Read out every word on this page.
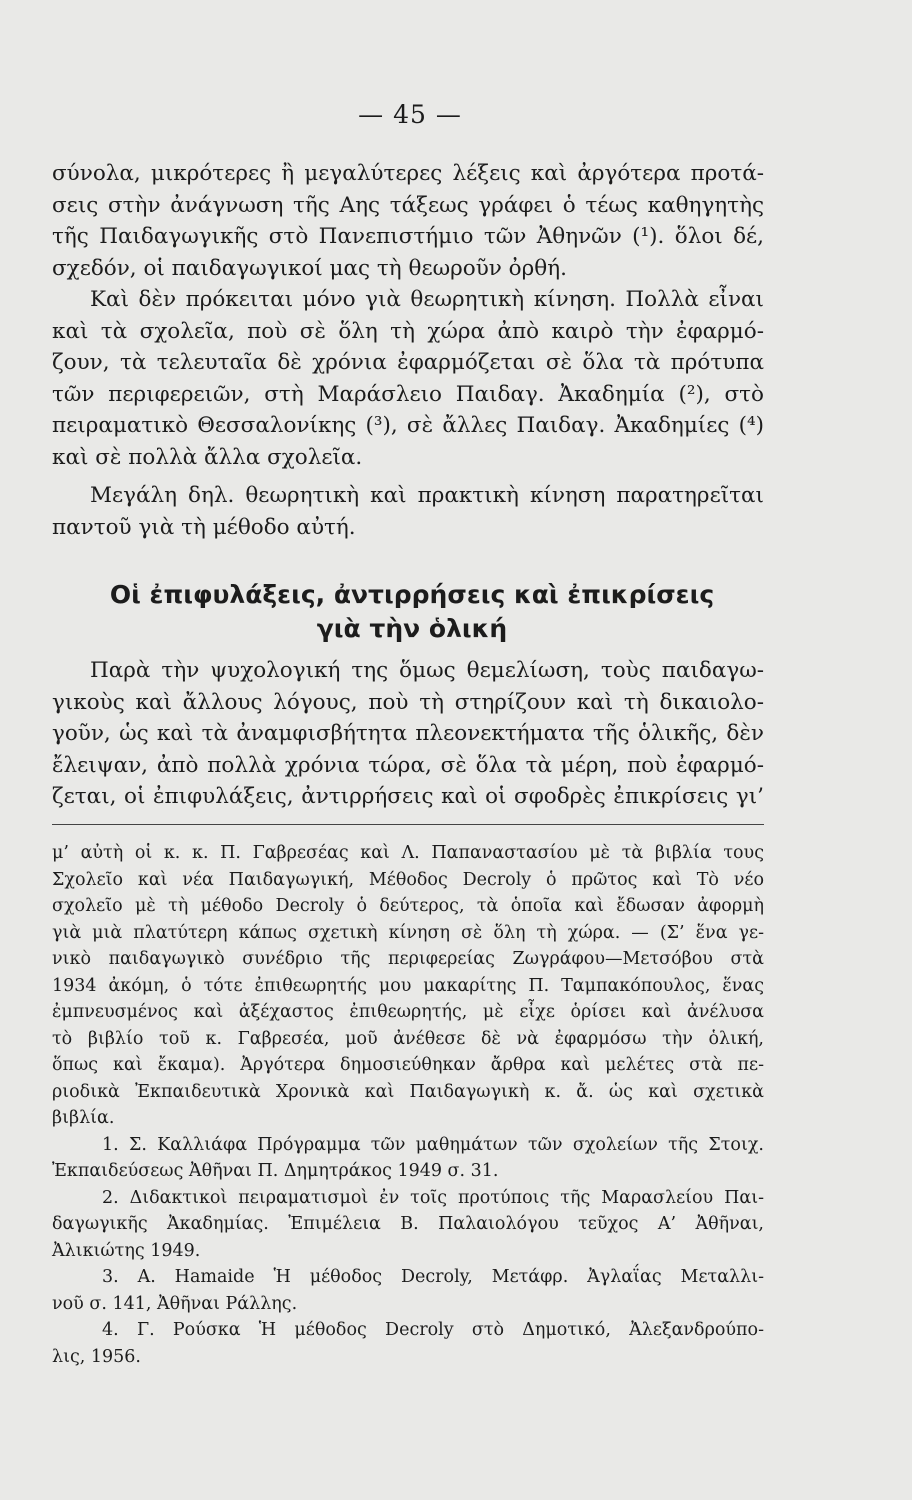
— 45 —
σύνολα, μικρότερες ἢ μεγαλύτερες λέξεις καὶ ἀργότερα προτά-
σεις στὴν ἀνάγνωση τῆς Αης τάξεως γράφει ὁ τέως καθηγητὴς
τῆς Παιδαγωγικῆς στὸ Πανεπιστήμιο τῶν Ἀθηνῶν (¹). ὅλοι δέ,
σχεδόν, οἱ παιδαγωγικοί μας τὴ θεωροῦν ὀρθή.
Καὶ δὲν πρόκειται μόνο γιὰ θεωρητικὴ κίνηση. Πολλὰ εἶναι
καὶ τὰ σχολεῖα, ποὺ σὲ ὅλη τὴ χώρα ἀπὸ καιρὸ τὴν ἐφαρμό-
ζουν, τὰ τελευταῖα δὲ χρόνια ἐφαρμόζεται σὲ ὅλα τὰ πρότυπα
τῶν περιφερειῶν, στὴ Μαράσλειο Παιδαγ. Ἀκαδημία (²), στὸ
πειραματικὸ Θεσσαλονίκης (³), σὲ ἄλλες Παιδαγ. Ἀκαδημίες (⁴)
καὶ σὲ πολλὰ ἄλλα σχολεῖα.
Μεγάλη δηλ. θεωρητικὴ καὶ πρακτικὴ κίνηση παρατηρεῖται
παντοῦ γιὰ τὴ μέθοδο αὐτή.
Οἱ ἐπιφυλάξεις, ἀντιρρήσεις καὶ ἐπικρίσεις
γιὰ τὴν ὁλική
Παρὰ τὴν ψυχολογική της ὅμως θεμελίωση, τοὺς παιδαγω-
γικοὺς καὶ ἄλλους λόγους, ποὺ τὴ στηρίζουν καὶ τὴ δικαιολο-
γοῦν, ὡς καὶ τὰ ἀναμφισβήτητα πλεονεκτήματα τῆς ὁλικῆς, δὲν
ἔλειψαν, ἀπὸ πολλὰ χρόνια τώρα, σὲ ὅλα τὰ μέρη, ποὺ ἐφαρμό-
ζεται, οἱ ἐπιφυλάξεις, ἀντιρρήσεις καὶ οἱ σφοδρὲς ἐπικρίσεις γι’
μ’ αὐτὴ οἱ κ. κ. Π. Γαβρεσέας καὶ Λ. Παπαναστασίου μὲ τὰ βιβλία τους
Σχολεῖο καὶ νέα Παιδαγωγική, Μέθοδος Decroly ὁ πρῶτος καὶ Τὸ νέο
σχολεῖο μὲ τὴ μέθοδο Decroly ὁ δεύτερος, τὰ ὁποῖα καὶ ἔδωσαν ἀφορμὴ
γιὰ μιὰ πλατύτερη κάπως σχετικὴ κίνηση σὲ ὅλη τὴ χώρα. — (Σ’ ἕνα γε-
νικὸ παιδαγωγικὸ συνέδριο τῆς περιφερείας Ζωγράφου—Μετσόβου στὰ
1934 ἀκόμη, ὁ τότε ἐπιθεωρητής μου μακαρίτης Π. Ταμπακόπουλος, ἕνας
ἐμπνευσμένος καὶ ἀξέχαστος ἐπιθεωρητής, μὲ εἶχε ὁρίσει καὶ ἀνέλυσα
τὸ βιβλίο τοῦ κ. Γαβρεσέα, μοῦ ἀνέθεσε δὲ νὰ ἐφαρμόσω τὴν ὁλική,
ὅπως καὶ ἔκαμα). Ἀργότερα δημοσιεύθηκαν ἄρθρα καὶ μελέτες στὰ πε-
ριοδικὰ Ἐκπαιδευτικὰ Χρονικὰ καὶ Παιδαγωγικὴ κ. ἄ. ὡς καὶ σχετικὰ
βιβλία.
1. Σ. Καλλιάφα Πρόγραμμα τῶν μαθημάτων τῶν σχολείων τῆς Στοιχ.
Ἐκπαιδεύσεως Ἀθῆναι Π. Δημητράκος 1949 σ. 31.
2. Διδακτικοὶ πειραματισμοὶ ἐν τοῖς προτύποις τῆς Μαρασλείου Παι-
δαγωγικῆς Ἀκαδημίας. Ἐπιμέλεια Β. Παλαιολόγου τεῦχος Α’ Ἀθῆναι,
Ἀλικιώτης 1949.
3. A. Hamaide Ἡ μέθοδος Decroly, Μετάφρ. Ἀγλαΐας Μεταλλι-
νοῦ σ. 141, Ἀθῆναι Ράλλης.
4. Γ. Ρούσκα Ἡ μέθοδος Decroly στὸ Δημοτικό, Ἀλεξανδρούπο-
λις, 1956.
